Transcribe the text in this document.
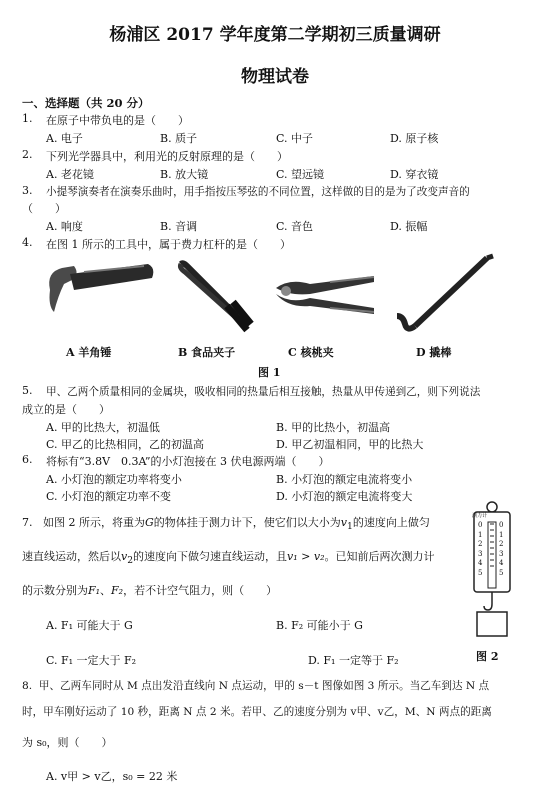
杨浦区 2017 学年度第二学期初三质量调研
物理试卷
一、选择题（共 20 分）
1. 在原子中带负电的是（　　）
A. 电子	B. 质子	C. 中子	D. 原子核
2. 下列光学器具中，利用光的反射原理的是（　　）
A. 老花镜	B. 放大镜	C. 望远镜	D. 穿衣镜
3. 小提琴演奏者在演奏乐曲时，用手指按压琴弦的不同位置，这样做的目的是为了改变声音的
（　　）
A. 响度	B. 音调	C. 音色	D. 振幅
4. 在图 1 所示的工具中，属于费力杠杆的是（　　）
A 羊角锤	B 食品夹子	C 核桃夹	D 撬棒
图 1
5. 甲、乙两个质量相同的金属块，吸收相同的热量后相互接触，热量从甲传递到乙，则下列说法
成立的是（　　）
A. 甲的比热大，初温低	B. 甲的比热小，初温高
C. 甲乙的比热相同，乙的初温高	D. 甲乙初温相同，甲的比热大
6. 将标有“3.8V　0.3A”的小灯泡接在 3 伏电源两端（　　）
A. 小灯泡的额定功率将变小	B. 小灯泡的额定电流将变小
C. 小灯泡的额定功率不变	D. 小灯泡的额定电流将变大
7. 如图 2 所示，将重为G的物体挂于测力计下，使它们以大小为$v_1$的速度向上做匀
速直线运动，然后以$v_2$的速度向下做匀速直线运动，且v₁ > v₂。已知前后两次测力计
的示数分别为F₁、F₂，若不计空气阻力，则（　　）
A. F₁ 可能大于 G	B. F₂ 可能小于 G
C. F₁ 一定大于 F₂	D. F₁ 一定等于 F₂
测力计
0
1
2
3
4
5
0
1
2
3
4
5
图 2
8. 甲、乙两车同时从 M 点出发沿直线向 N 点运动，甲的 s－t 图像如图 3 所示。当乙车到达 N 点
时，甲车刚好运动了 10 秒，距离 N 点 2 米。若甲、乙的速度分别为 v甲、v乙，M、N 两点的距离
为 s₀，则（　　）
A. v甲 > v乙，s₀ = 22 米
